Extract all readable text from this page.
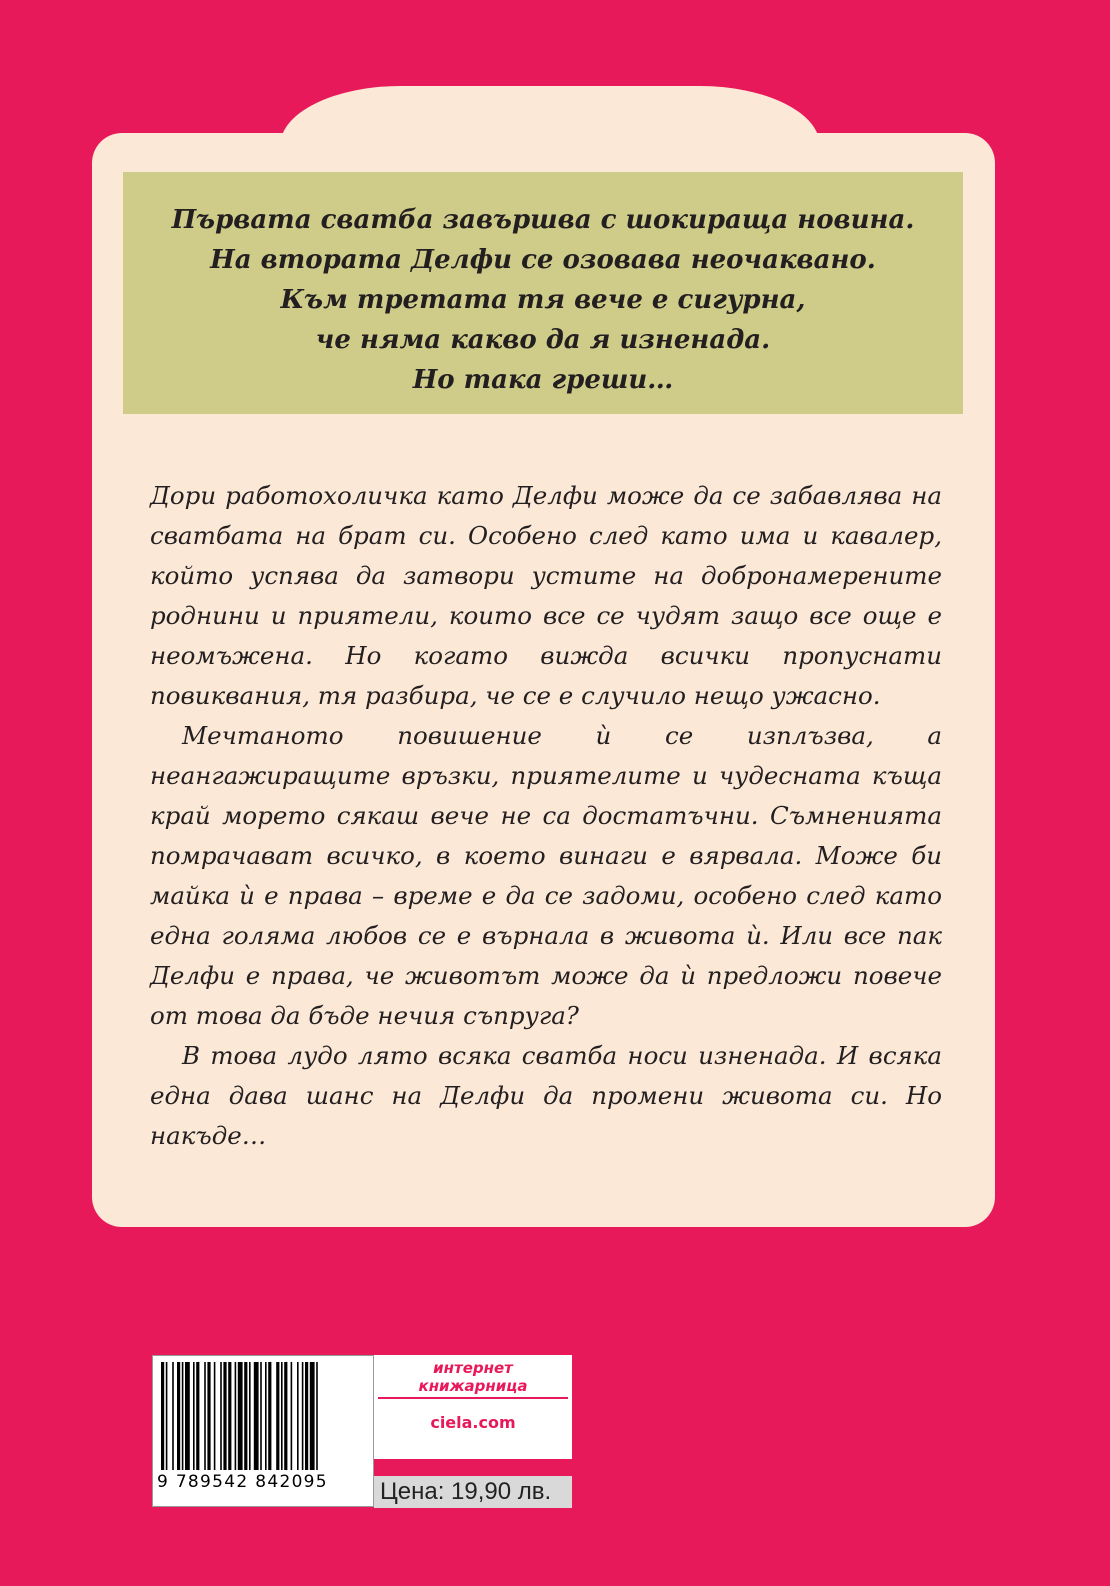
Първата сватба завършва с шокираща новина.
На втората Делфи се озовава неочаквано.
Към третата тя вече е сигурна,
че няма какво да я изненада.
Но така греши…

Дори работохоличка като Делфи може да се забавлява на сватбата на брат си. Особено след като има и кавалер, който успява да затвори устите на добронамерените роднини и приятели, които все се чудят защо все още е неомъжена. Но когато вижда всички пропуснати повиквания, тя разбира, че се е случило нещо ужасно.

Мечтаното повишение ѝ се изплъзва, а неангажиращите връзки, приятелите и чудесната къща край морето сякаш вече не са достатъчни. Съмненията помрачават всичко, в което винаги е вярвала. Може би майка ѝ е права – време е да се задоми, особено след като една голяма любов се е върнала в живота ѝ. Или все пак Делфи е права, че животът може да ѝ предложи повече от това да бъде нечия съпруга?

В това лудо лято всяка сватба носи изненада. И всяка една дава шанс на Делфи да промени живота си. Но накъде…

9 789542 842095
интернет книжарница
ciela.com
Цена: 19,90 лв.
